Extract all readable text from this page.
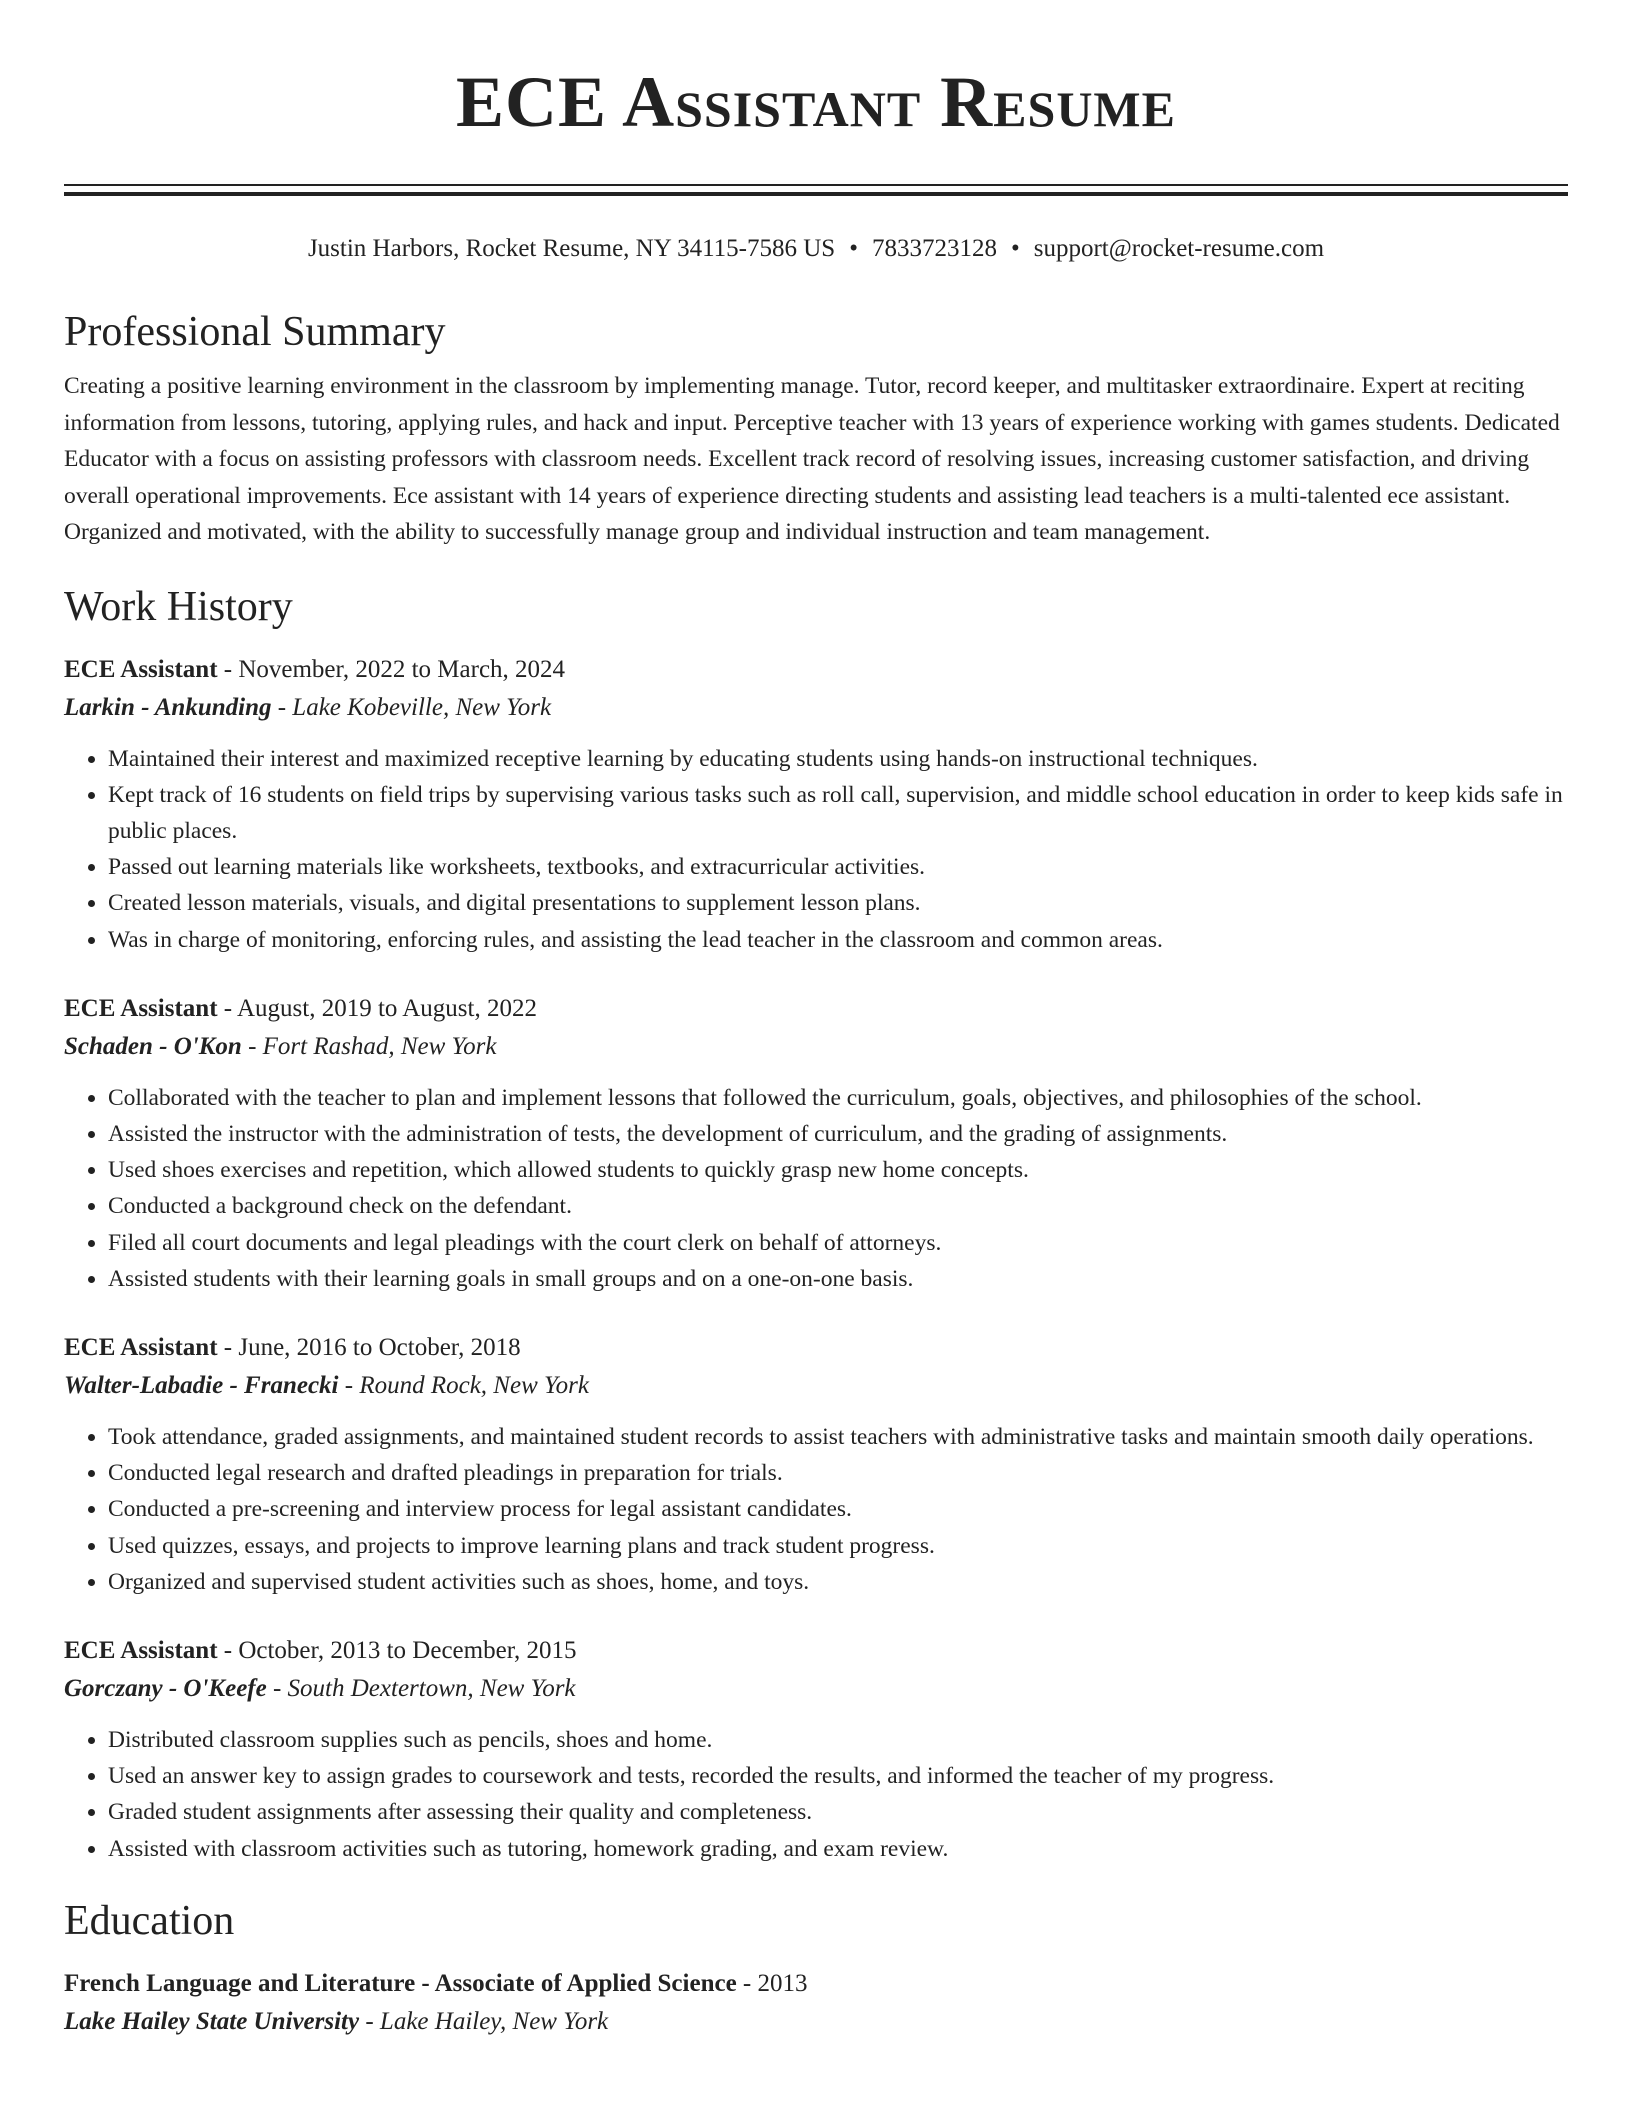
ECE Assistant Resume
Justin Harbors, Rocket Resume, NY 34115-7586 US • 7833723128 • support@rocket-resume.com
Professional Summary
Creating a positive learning environment in the classroom by implementing manage. Tutor, record keeper, and multitasker extraordinaire. Expert at reciting information from lessons, tutoring, applying rules, and hack and input. Perceptive teacher with 13 years of experience working with games students. Dedicated Educator with a focus on assisting professors with classroom needs. Excellent track record of resolving issues, increasing customer satisfaction, and driving overall operational improvements. Ece assistant with 14 years of experience directing students and assisting lead teachers is a multi-talented ece assistant. Organized and motivated, with the ability to successfully manage group and individual instruction and team management.
Work History
ECE Assistant - November, 2022 to March, 2024
Larkin - Ankunding - Lake Kobeville, New York
• Maintained their interest and maximized receptive learning by educating students using hands-on instructional techniques.
• Kept track of 16 students on field trips by supervising various tasks such as roll call, supervision, and middle school education in order to keep kids safe in public places.
• Passed out learning materials like worksheets, textbooks, and extracurricular activities.
• Created lesson materials, visuals, and digital presentations to supplement lesson plans.
• Was in charge of monitoring, enforcing rules, and assisting the lead teacher in the classroom and common areas.
ECE Assistant - August, 2019 to August, 2022
Schaden - O'Kon - Fort Rashad, New York
• Collaborated with the teacher to plan and implement lessons that followed the curriculum, goals, objectives, and philosophies of the school.
• Assisted the instructor with the administration of tests, the development of curriculum, and the grading of assignments.
• Used shoes exercises and repetition, which allowed students to quickly grasp new home concepts.
• Conducted a background check on the defendant.
• Filed all court documents and legal pleadings with the court clerk on behalf of attorneys.
• Assisted students with their learning goals in small groups and on a one-on-one basis.
ECE Assistant - June, 2016 to October, 2018
Walter-Labadie - Franecki - Round Rock, New York
• Took attendance, graded assignments, and maintained student records to assist teachers with administrative tasks and maintain smooth daily operations.
• Conducted legal research and drafted pleadings in preparation for trials.
• Conducted a pre-screening and interview process for legal assistant candidates.
• Used quizzes, essays, and projects to improve learning plans and track student progress.
• Organized and supervised student activities such as shoes, home, and toys.
ECE Assistant - October, 2013 to December, 2015
Gorczany - O'Keefe - South Dextertown, New York
• Distributed classroom supplies such as pencils, shoes and home.
• Used an answer key to assign grades to coursework and tests, recorded the results, and informed the teacher of my progress.
• Graded student assignments after assessing their quality and completeness.
• Assisted with classroom activities such as tutoring, homework grading, and exam review.
Education
French Language and Literature - Associate of Applied Science - 2013
Lake Hailey State University - Lake Hailey, New York
